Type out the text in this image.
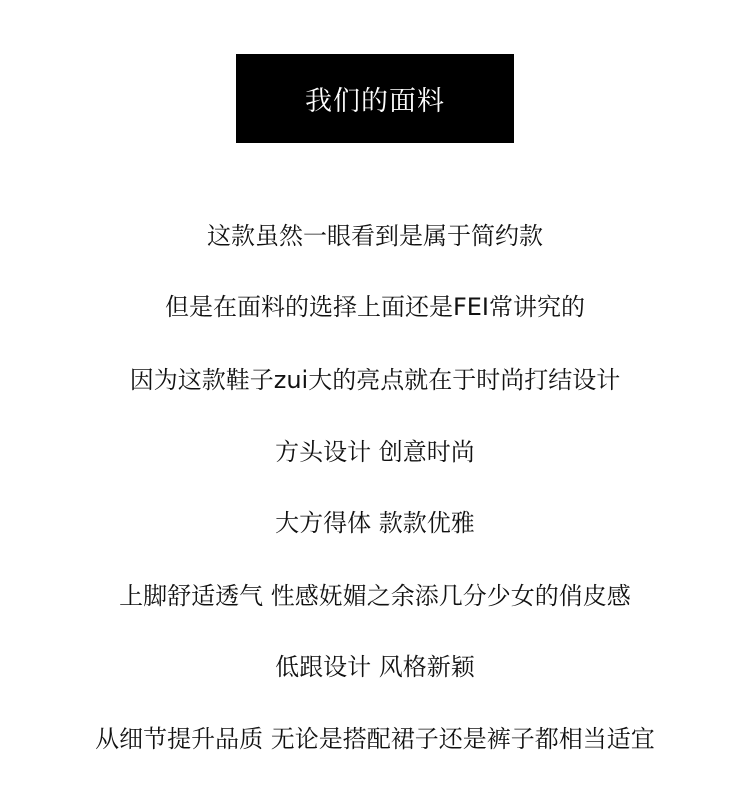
我们的面料
这款虽然一眼看到是属于简约款
但是在面料的选择上面还是FEI常讲究的
因为这款鞋子zui大的亮点就在于时尚打结设计
方头设计 创意时尚
大方得体 款款优雅
上脚舒适透气 性感妩媚之余添几分少女的俏皮感
低跟设计 风格新颖
从细节提升品质 无论是搭配裙子还是裤子都相当适宜
